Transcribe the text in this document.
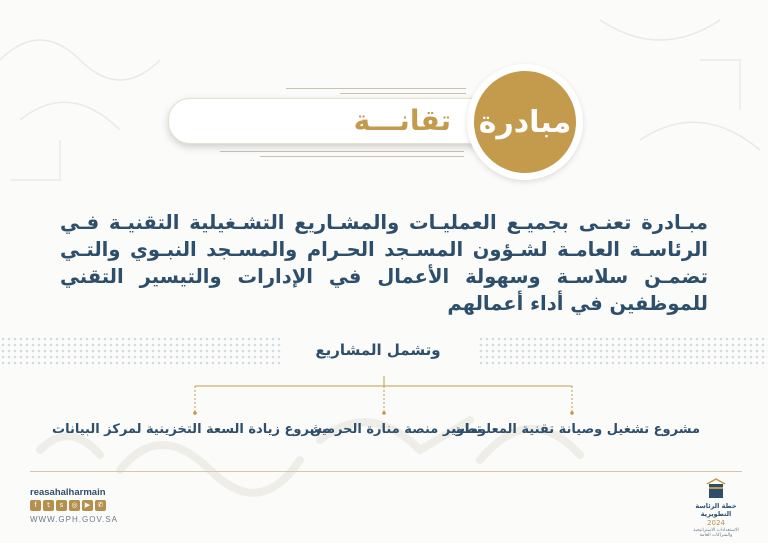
تقانـــة مبادرة
مبـادرة تعنـى بجميـع العمليـات والمشـاريع التشـغيلية التقنيـة فـي الرئاسـة العامـة لشـؤون المسـجد الحـرام والمسـجد النبـوي والتـي تضمـن سلاسـة وسهولة الأعمال في الإدارات والتيسير التقني للموظفين في أداء أعمالهم
وتشمل المشاريع
مشروع تشغيل وصيانة تقنية المعلومات
تطوير منصة منارة الحرمين
مشروع زيادة السعة التخزينية لمركز البيانات
reasahalharmain
f	t	s	◎	▶	✆
WWW.GPH.GOV.SA
خطة الرئاسة التطويرية
2024
الاستعدادات الاستراتيجية والشراكات العامة
